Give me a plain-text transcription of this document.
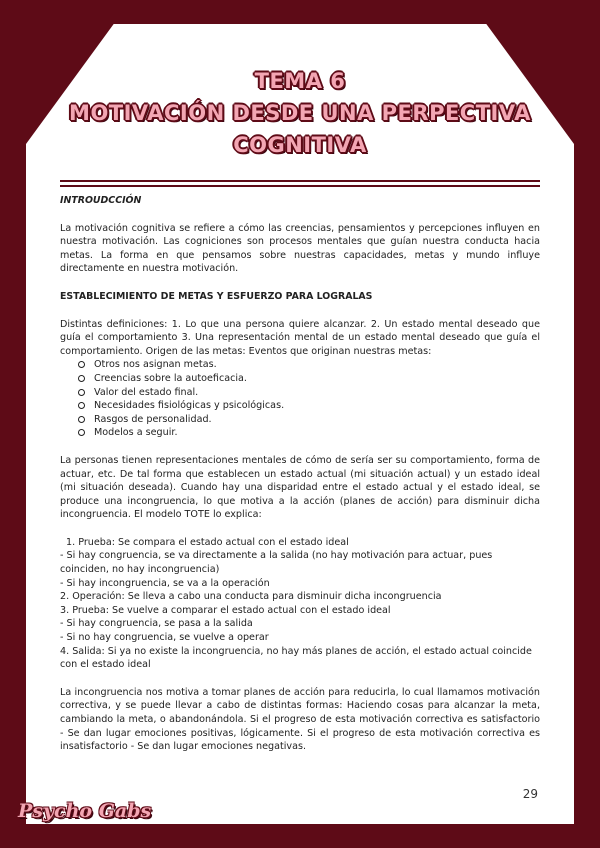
TEMA 6
MOTIVACIÓN DESDE UNA PERPECTIVA
COGNITIVA
INTROUDCCIÓN

La motivación cognitiva se refiere a cómo las creencias, pensamientos y percepciones influyen en nuestra motivación. Las cogniciones son procesos mentales que guían nuestra conducta hacia metas. La forma en que pensamos sobre nuestras capacidades, metas y mundo influye directamente en nuestra motivación.

ESTABLECIMIENTO DE METAS Y ESFUERZO PARA LOGRALAS

Distintas definiciones: 1. Lo que una persona quiere alcanzar. 2. Un estado mental deseado que guía el comportamiento 3. Una representación mental de un estado mental deseado que guía el comportamiento. Origen de las metas: Eventos que originan nuestras metas:

Otros nos asignan metas.
Creencias sobre la autoeficacia.
Valor del estado final.
Necesidades fisiológicas y psicológicas.
Rasgos de personalidad.
Modelos a seguir.

La personas tienen representaciones mentales de cómo de sería ser su comportamiento, forma de actuar, etc. De tal forma que establecen un estado actual (mi situación actual) y un estado ideal (mi situación deseada). Cuando hay una disparidad entre el estado actual y el estado ideal, se produce una incongruencia, lo que motiva a la acción (planes de acción) para disminuir dicha incongruencia. El modelo TOTE lo explica:

1. Prueba: Se compara el estado actual con el estado ideal
- Si hay congruencia, se va directamente a la salida (no hay motivación para actuar, pues coinciden, no hay incongruencia)
- Si hay incongruencia, se va a la operación
2. Operación: Se lleva a cabo una conducta para disminuir dicha incongruencia
3. Prueba: Se vuelve a comparar el estado actual con el estado ideal
- Si hay congruencia, se pasa a la salida
- Si no hay congruencia, se vuelve a operar
4. Salida: Si ya no existe la incongruencia, no hay más planes de acción, el estado actual coincide con el estado ideal

La incongruencia nos motiva a tomar planes de acción para reducirla, lo cual llamamos motivación correctiva, y se puede llevar a cabo de distintas formas: Haciendo cosas para alcanzar la meta, cambiando la meta, o abandonándola. Si el progreso de esta motivación correctiva es satisfactorio - Se dan lugar emociones positivas, lógicamente. Si el progreso de esta motivación correctiva es insatisfactorio - Se dan lugar emociones negativas.

29
Psycho Gabs
